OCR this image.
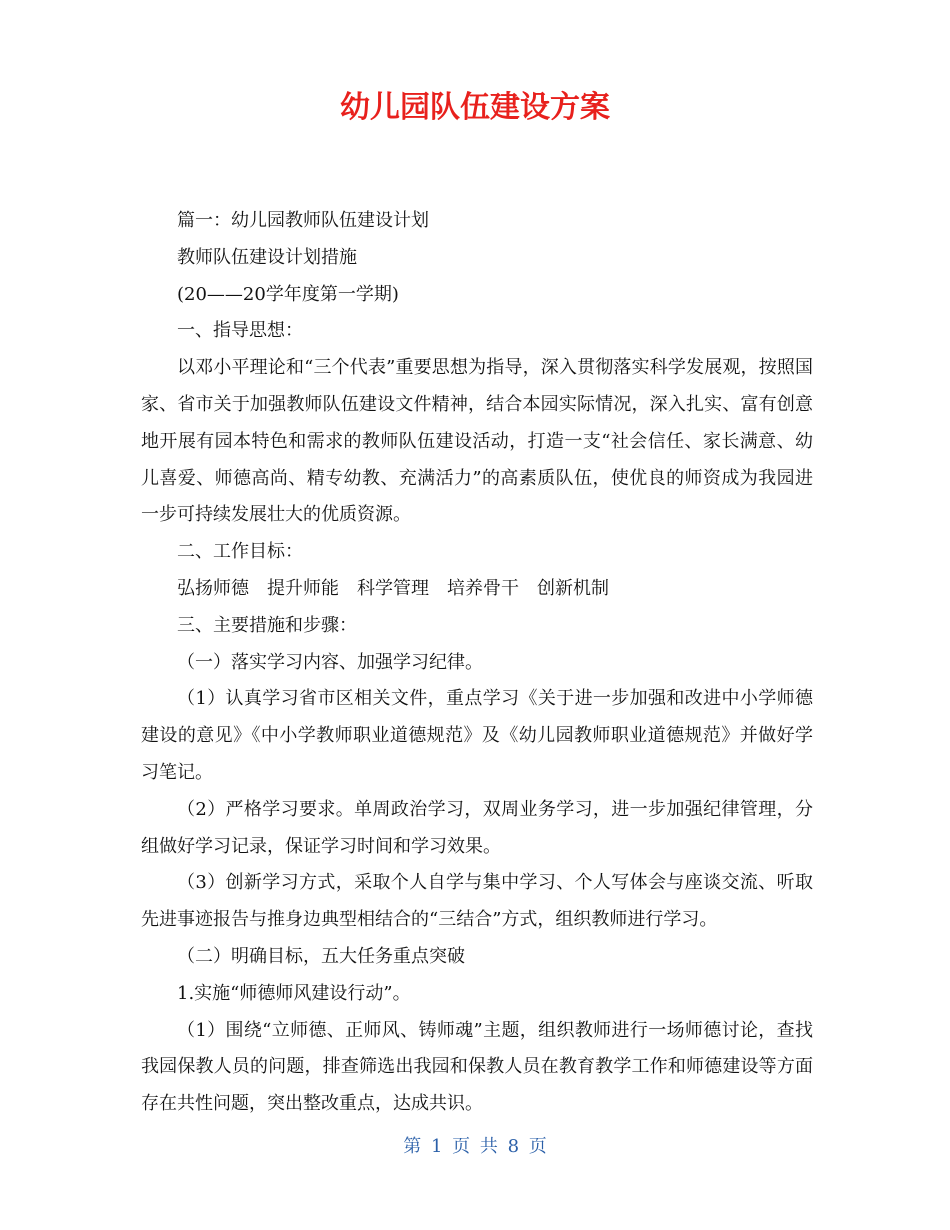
幼儿园队伍建设方案

篇一：幼儿园教师队伍建设计划

教师队伍建设计划措施

(20——20学年度第一学期)

一、指导思想：

以邓小平理论和“三个代表”重要思想为指导，深入贯彻落实科学发展观，按照国家、省市关于加强教师队伍建设文件精神，结合本园实际情况，深入扎实、富有创意地开展有园本特色和需求的教师队伍建设活动，打造一支“社会信任、家长满意、幼儿喜爱、师德高尚、精专幼教、充满活力”的高素质队伍，使优良的师资成为我园进一步可持续发展壮大的优质资源。

二、工作目标：

弘扬师德　提升师能　科学管理　培养骨干　创新机制

三、主要措施和步骤：

（一）落实学习内容、加强学习纪律。

（1）认真学习省市区相关文件，重点学习《关于进一步加强和改进中小学师德建设的意见》《中小学教师职业道德规范》及《幼儿园教师职业道德规范》并做好学习笔记。

（2）严格学习要求。单周政治学习，双周业务学习，进一步加强纪律管理，分组做好学习记录，保证学习时间和学习效果。

（3）创新学习方式，采取个人自学与集中学习、个人写体会与座谈交流、听取先进事迹报告与推身边典型相结合的“三结合”方式，组织教师进行学习。

（二）明确目标，五大任务重点突破

1.实施“师德师风建设行动”。

（1）围绕“立师德、正师风、铸师魂”主题，组织教师进行一场师德讨论，查找我园保教人员的问题，排查筛选出我园和保教人员在教育教学工作和师德建设等方面存在共性问题，突出整改重点，达成共识。

第 1 页 共 8 页
